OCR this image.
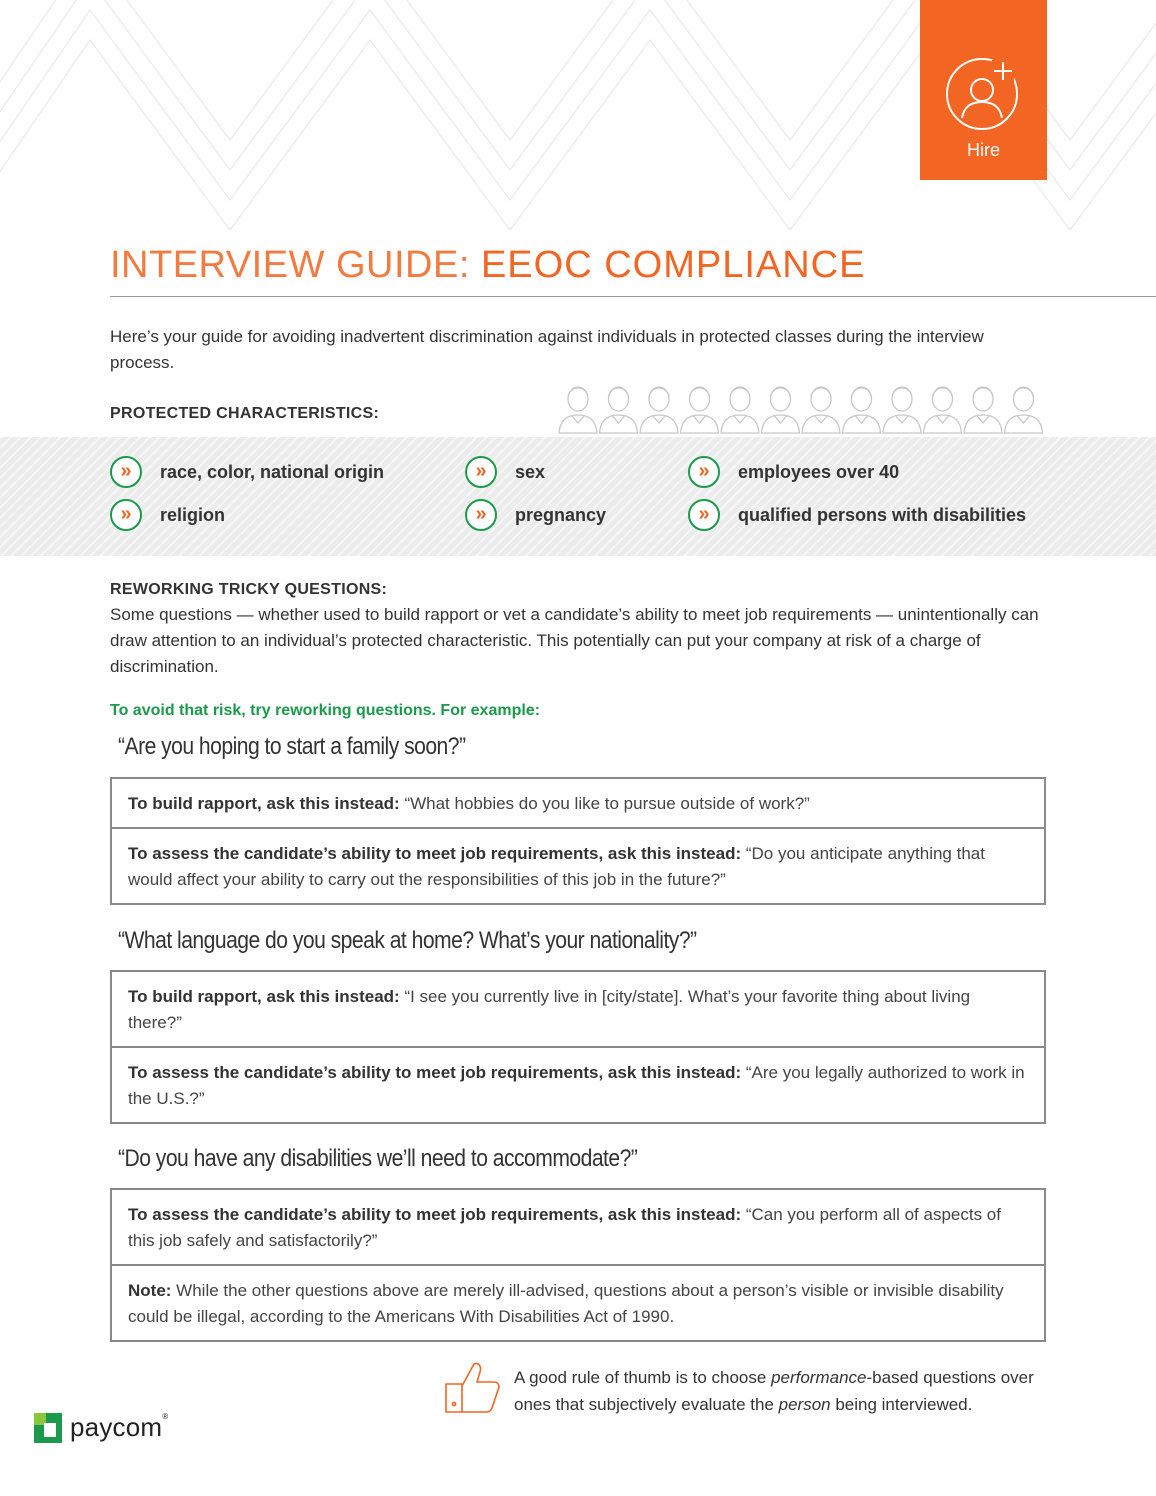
Hire
INTERVIEW GUIDE: EEOC COMPLIANCE
Here’s your guide for avoiding inadvertent discrimination against individuals in protected classes during the interview process.
PROTECTED CHARACTERISTICS:
»	race, color, national origin	»	sex	»	employees over 40
»	religion	»	pregnancy	»	qualified persons with disabilities
REWORKING TRICKY QUESTIONS:
Some questions — whether used to build rapport or vet a candidate’s ability to meet job requirements — unintentionally can draw attention to an individual’s protected characteristic. This potentially can put your company at risk of a charge of discrimination.
To avoid that risk, try reworking questions. For example:
“Are you hoping to start a family soon?”
To build rapport, ask this instead: “What hobbies do you like to pursue outside of work?”
To assess the candidate’s ability to meet job requirements, ask this instead: “Do you anticipate anything that would affect your ability to carry out the responsibilities of this job in the future?”
“What language do you speak at home? What’s your nationality?”
To build rapport, ask this instead: “I see you currently live in [city/state]. What’s your favorite thing about living there?”
To assess the candidate’s ability to meet job requirements, ask this instead: “Are you legally authorized to work in the U.S.?”
“Do you have any disabilities we’ll need to accommodate?”
To assess the candidate’s ability to meet job requirements, ask this instead: “Can you perform all of aspects of this job safely and satisfactorily?”
Note: While the other questions above are merely ill-advised, questions about a person’s visible or invisible disability could be illegal, according to the Americans With Disabilities Act of 1990.
A good rule of thumb is to choose performance-based questions over ones that subjectively evaluate the person being interviewed.
paycom®
